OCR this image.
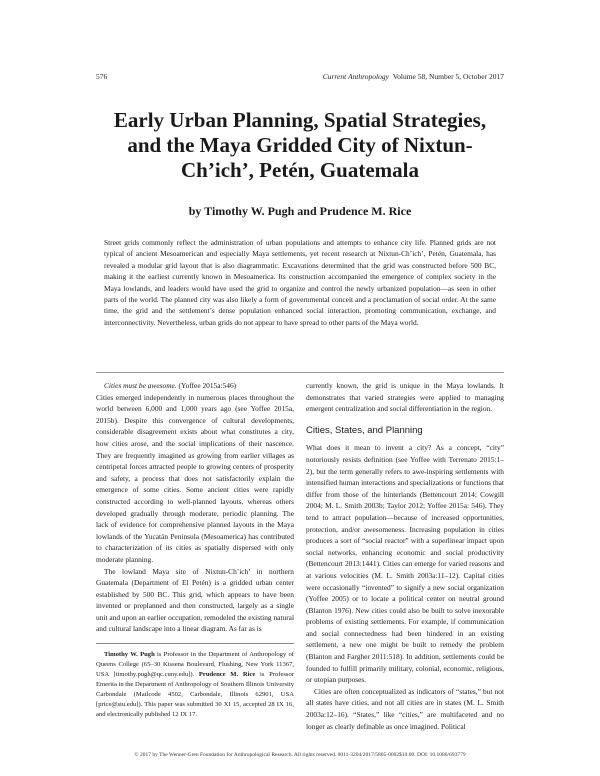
576	Current Anthropology Volume 58, Number 5, October 2017
Early Urban Planning, Spatial Strategies, and the Maya Gridded City of Nixtun-Ch’ich’, Petén, Guatemala

by Timothy W. Pugh and Prudence M. Rice

Street grids commonly reflect the administration of urban populations and attempts to enhance city life. Planned grids are not typical of ancient Mesoamerican and especially Maya settlements, yet recent research at Nixtun-Ch’ich’, Petén, Guatemala, has revealed a modular grid layout that is also diagrammatic. Excavations determined that the grid was constructed before 500 BC, making it the earliest currently known in Mesoamerica. Its construction accompanied the emergence of complex society in the Maya lowlands, and leaders would have used the grid to organize and control the newly urbanized population—as seen in other parts of the world. The planned city was also likely a form of governmental conceit and a proclamation of social order. At the same time, the grid and the settlement’s dense population enhanced social interaction, promoting communication, exchange, and interconnectivity. Nevertheless, urban grids do not appear to have spread to other parts of the Maya world.

Cities must be awesome. (Yoffee 2015a:546)

Cities emerged independently in numerous places throughout the world between 6,000 and 1,000 years ago (see Yoffee 2015a, 2015b). Despite this convergence of cultural developments, considerable disagreement exists about what constitutes a city, how cities arose, and the social implications of their nascence. They are frequently imagined as growing from earlier villages as centripetal forces attracted people to growing centers of prosperity and safety, a process that does not satisfactorily explain the emergence of some cities. Some ancient cities were rapidly constructed according to well-planned layouts, whereas others developed gradually through moderate, periodic planning. The lack of evidence for comprehensive planned layouts in the Maya lowlands of the Yucatán Peninsula (Mesoamerica) has contributed to characterization of its cities as spatially dispersed with only moderate planning.

The lowland Maya site of Nixtun-Ch’ich’ in northern Guatemala (Department of El Petén) is a gridded urban center established by 500 BC. This grid, which appears to have been invented or preplanned and then constructed, largely as a single unit and upon an earlier occupation, remodeled the existing natural and cultural landscape into a linear diagram. As far as is

Timothy W. Pugh is Professor in the Department of Anthropology of Queens College (65–30 Kissena Boulevard, Flushing, New York 11367, USA [timothy.pugh@qc.cuny.edu]). Prudence M. Rice is Professor Emerita in the Department of Anthropology of Southern Illinois University Carbondale (Mailcode 4502, Carbondale, Illinois 62901, USA [price@siu.edu]). This paper was submitted 30 XI 15, accepted 28 IX 16, and electronically published 12 IX 17.

currently known, the grid is unique in the Maya lowlands. It demonstrates that varied strategies were applied to managing emergent centralization and social differentiation in the region.

Cities, States, and Planning

What does it mean to invent a city? As a concept, “city” notoriously resists definition (see Yoffee with Terrenato 2015:1–2), but the term generally refers to awe-inspiring settlements with intensified human interactions and specializations or functions that differ from those of the hinterlands (Bettencourt 2014; Cowgill 2004; M. L. Smith 2003b; Taylor 2012; Yoffee 2015a: 546). They tend to attract population—because of increased opportunities, protection, and/or awesomeness. Increasing population in cities produces a sort of “social reactor” with a superlinear impact upon social networks, enhancing economic and social productivity (Bettencourt 2013:1441). Cities can emerge for varied reasons and at various velocities (M. L. Smith 2003a:11–12). Capital cities were occasionally “invented” to signify a new social organization (Yoffee 2005) or to locate a political center on neutral ground (Blanton 1976). New cities could also be built to solve inexorable problems of existing settlements. For example, if communication and social connectedness had been hindered in an existing settlement, a new one might be built to remedy the problem (Blanton and Fargher 2011:518). In addition, settlements could be founded to fulfill primarily military, colonial, economic, religious, or utopian purposes.

Cities are often conceptualized as indicators of “states,” but not all states have cities, and not all cities are in states (M. L. Smith 2003a:12–16). “States,” like “cities,” are multifaceted and no longer as clearly definable as once imagined. Political

© 2017 by The Wenner-Gren Foundation for Anthropological Research. All rights reserved. 0011-3204/2017/5805-0002$10.00. DOI: 10.1086/693779
